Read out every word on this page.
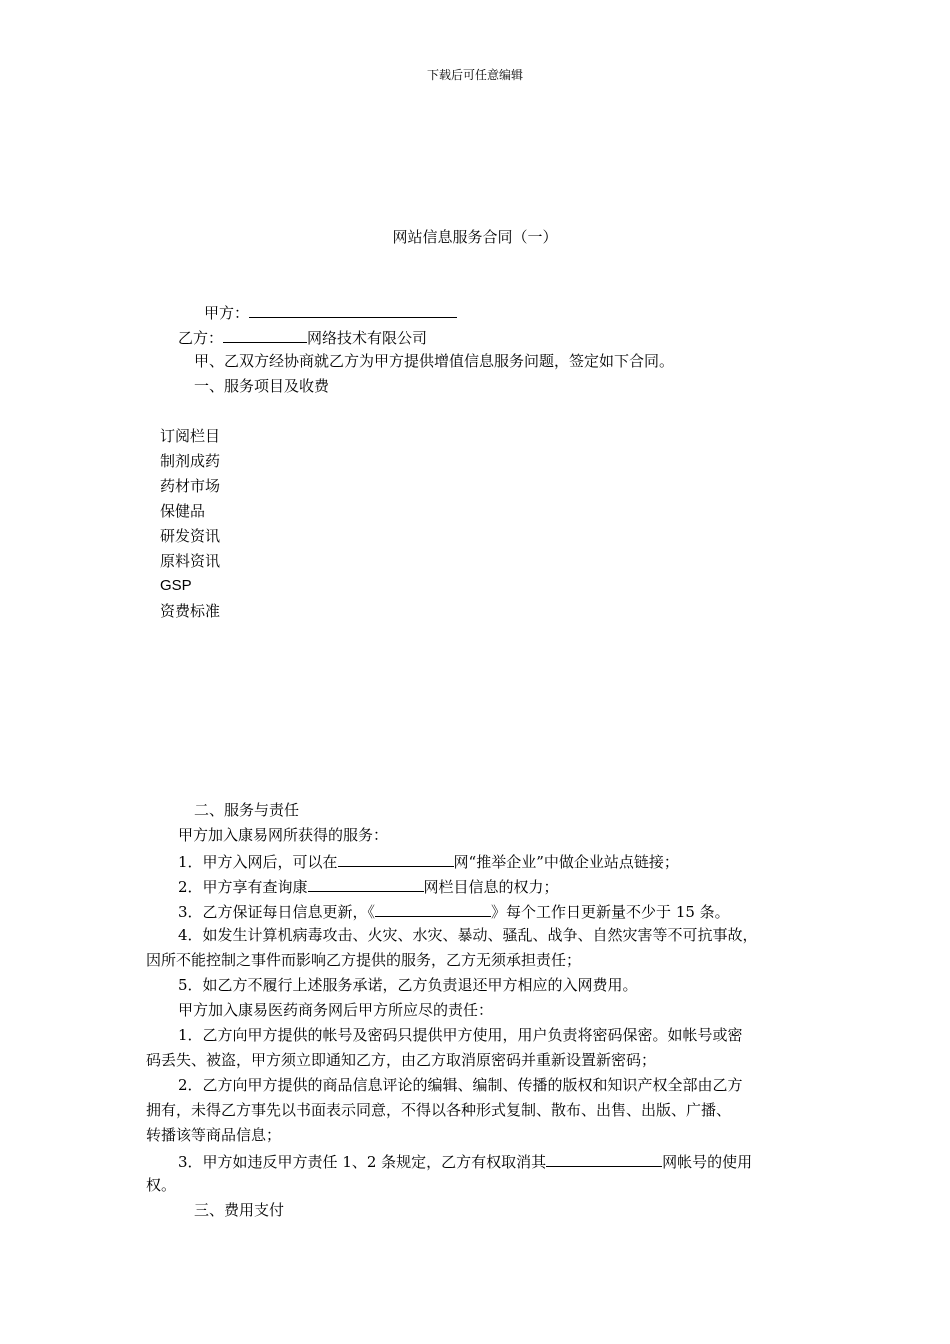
下载后可任意编辑
网站信息服务合同（一）
甲方：
乙方：	网络技术有限公司
甲、乙双方经协商就乙方为甲方提供增值信息服务问题，签定如下合同。
一、服务项目及收费
订阅栏目
制剂成药
药材市场
保健品
研发资讯
原料资讯
GSP
资费标准
二、服务与责任
甲方加入康易网所获得的服务：
1．甲方入网后，可以在	网“推举企业”中做企业站点链接；
2．甲方享有查询康	网栏目信息的权力；
3．乙方保证每日信息更新，《	》每个工作日更新量不少于 15 条。
4．如发生计算机病毒攻击、火灾、水灾、暴动、骚乱、战争、自然灾害等不可抗事故，
因所不能控制之事件而影响乙方提供的服务，乙方无须承担责任；
5．如乙方不履行上述服务承诺，乙方负责退还甲方相应的入网费用。
甲方加入康易医药商务网后甲方所应尽的责任：
1．乙方向甲方提供的帐号及密码只提供甲方使用，用户负责将密码保密。如帐号或密
码丢失、被盗，甲方须立即通知乙方，由乙方取消原密码并重新设置新密码；
2．乙方向甲方提供的商品信息评论的编辑、编制、传播的版权和知识产权全部由乙方
拥有，未得乙方事先以书面表示同意，不得以各种形式复制、散布、出售、出版、广播、
转播该等商品信息；
3．甲方如违反甲方责任 1、2 条规定，乙方有权取消其	网帐号的使用
权。
三、费用支付
